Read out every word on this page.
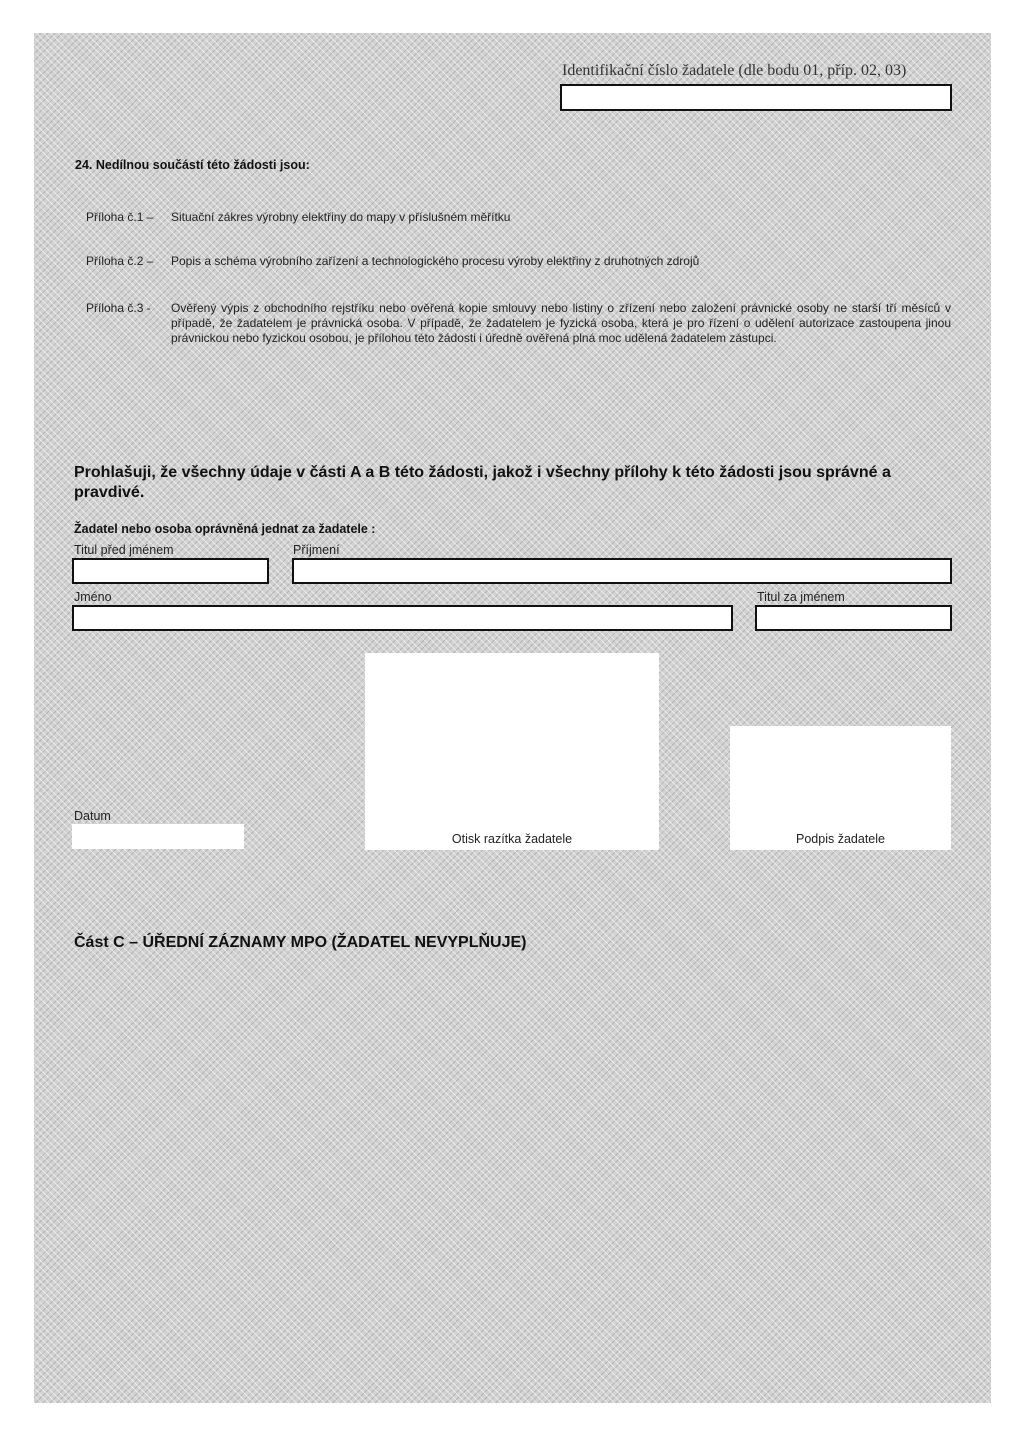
Identifikační číslo žadatele (dle bodu 01, příp. 02, 03)
24. Nedílnou součástí této žádosti jsou:
Příloha č.1 – Situační zákres výrobny elektřiny do mapy v příslušném měřítku
Příloha č.2 – Popis a schéma výrobního zařízení a technologického procesu výroby elektřiny z druhotných zdrojů
Příloha č.3 - Ověřený výpis z obchodního rejstříku nebo ověřená kopie smlouvy nebo listiny o zřízení nebo založení právnické osoby ne starší tří měsíců v případě, že žadatelem je právnická osoba. V případě, že žadatelem je fyzická osoba, která je pro řízení o udělení autorizace zastoupena jinou právnickou nebo fyzickou osobou, je přílohou této žádosti i úředně ověřená plná moc udělená žadatelem zástupci.
Prohlašuji, že všechny údaje v části A a B této žádosti, jakož i všechny přílohy k této žádosti jsou správné a pravdivé.
Žadatel nebo osoba oprávněná jednat za žadatele :
Titul před jménem	Příjmení
Jméno	Titul za jménem
Datum
Otisk razítka žadatele	Podpis žadatele
Část C – ÚŘEDNÍ ZÁZNAMY MPO (ŽADATEL NEVYPLŇUJE)
